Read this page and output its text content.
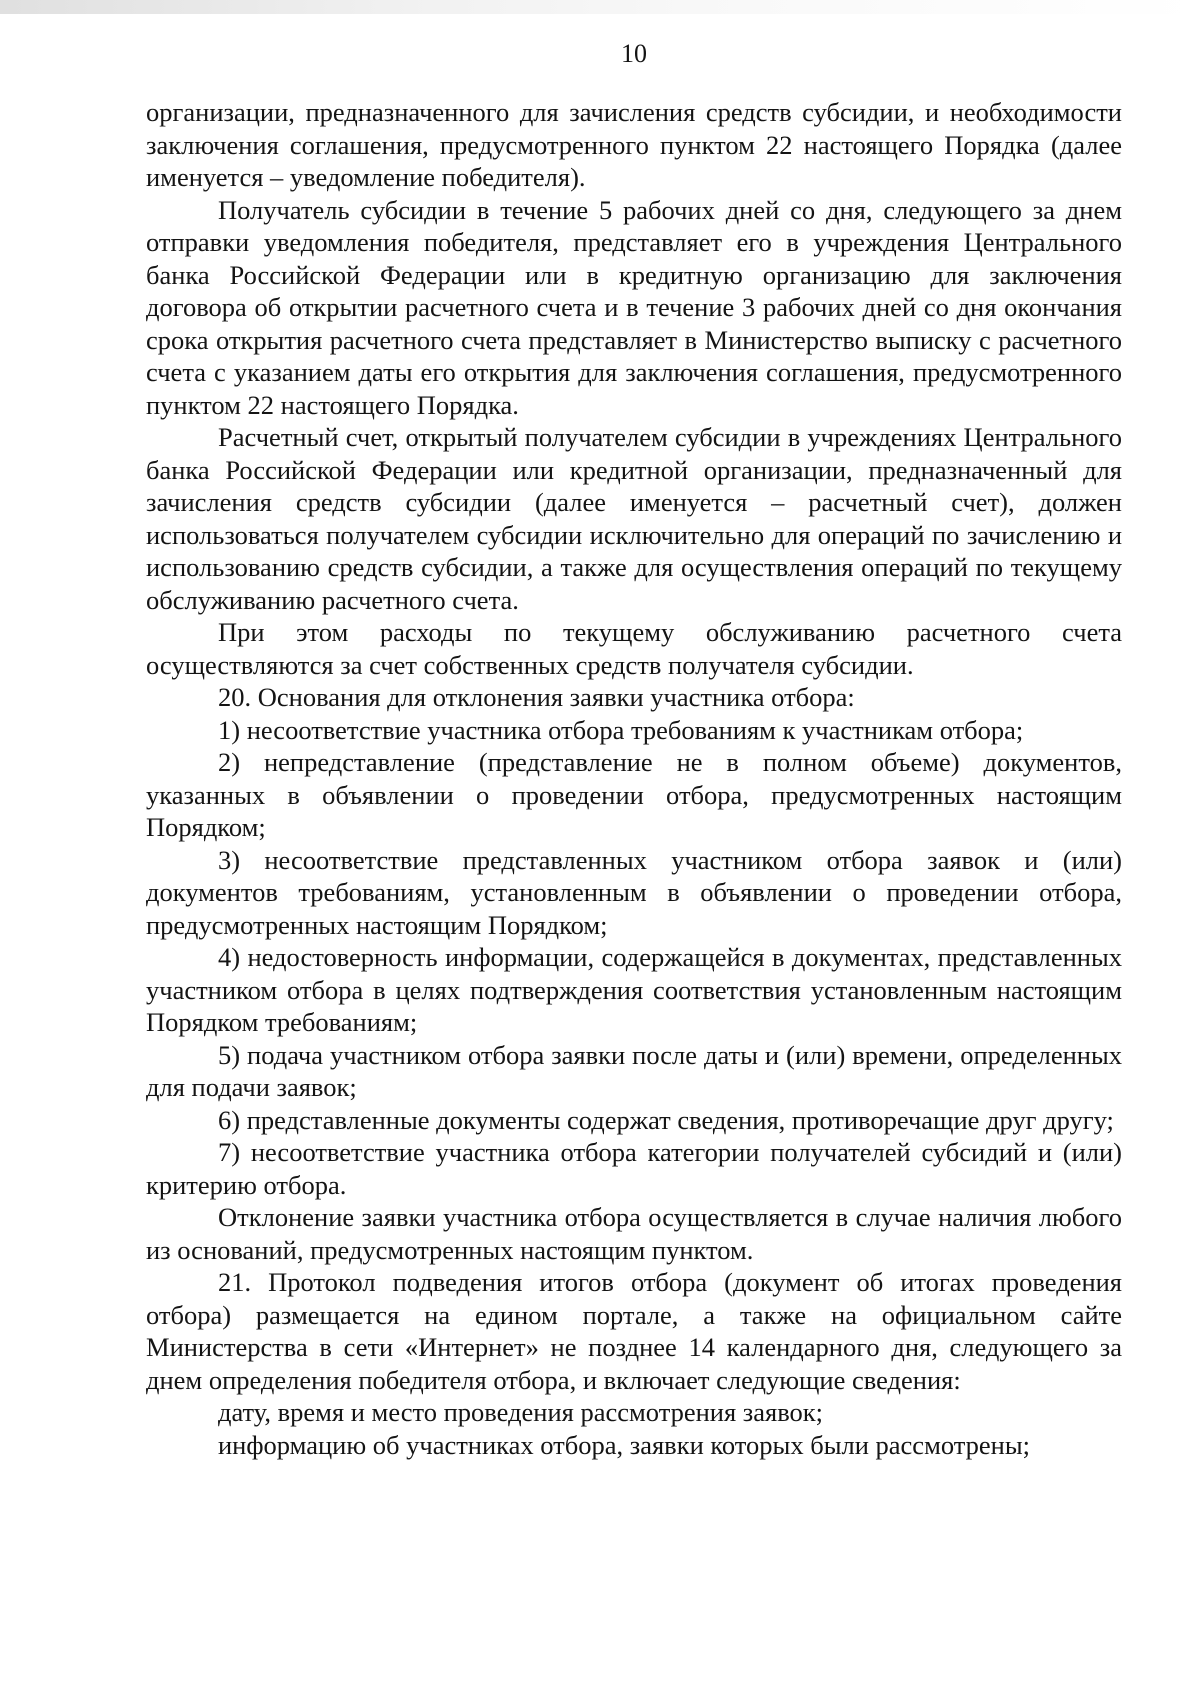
10

организации, предназначенного для зачисления средств субсидии, и необходимости заключения соглашения, предусмотренного пунктом 22 настоящего Порядка (далее именуется – уведомление победителя).

Получатель субсидии в течение 5 рабочих дней со дня, следующего за днем отправки уведомления победителя, представляет его в учреждения Центрального банка Российской Федерации или в кредитную организацию для заключения договора об открытии расчетного счета и в течение 3 рабочих дней со дня окончания срока открытия расчетного счета представляет в Министерство выписку с расчетного счета с указанием даты его открытия для заключения соглашения, предусмотренного пунктом 22 настоящего Порядка.

Расчетный счет, открытый получателем субсидии в учреждениях Центрального банка Российской Федерации или кредитной организации, предназначенный для зачисления средств субсидии (далее именуется – расчетный счет), должен использоваться получателем субсидии исключительно для операций по зачислению и использованию средств субсидии, а также для осуществления операций по текущему обслуживанию расчетного счета.

При этом расходы по текущему обслуживанию расчетного счета осуществляются за счет собственных средств получателя субсидии.

20. Основания для отклонения заявки участника отбора:

1) несоответствие участника отбора требованиям к участникам отбора;

2) непредставление (представление не в полном объеме) документов, указанных в объявлении о проведении отбора, предусмотренных настоящим Порядком;

3) несоответствие представленных участником отбора заявок и (или) документов требованиям, установленным в объявлении о проведении отбора, предусмотренных настоящим Порядком;

4) недостоверность информации, содержащейся в документах, представленных участником отбора в целях подтверждения соответствия установленным настоящим Порядком требованиям;

5) подача участником отбора заявки после даты и (или) времени, определенных для подачи заявок;

6) представленные документы содержат сведения, противоречащие друг другу;

7) несоответствие участника отбора категории получателей субсидий и (или) критерию отбора.

Отклонение заявки участника отбора осуществляется в случае наличия любого из оснований, предусмотренных настоящим пунктом.

21. Протокол подведения итогов отбора (документ об итогах проведения отбора) размещается на едином портале, а также на официальном сайте Министерства в сети «Интернет» не позднее 14 календарного дня, следующего за днем определения победителя отбора, и включает следующие сведения:

дату, время и место проведения рассмотрения заявок;

информацию об участниках отбора, заявки которых были рассмотрены;
